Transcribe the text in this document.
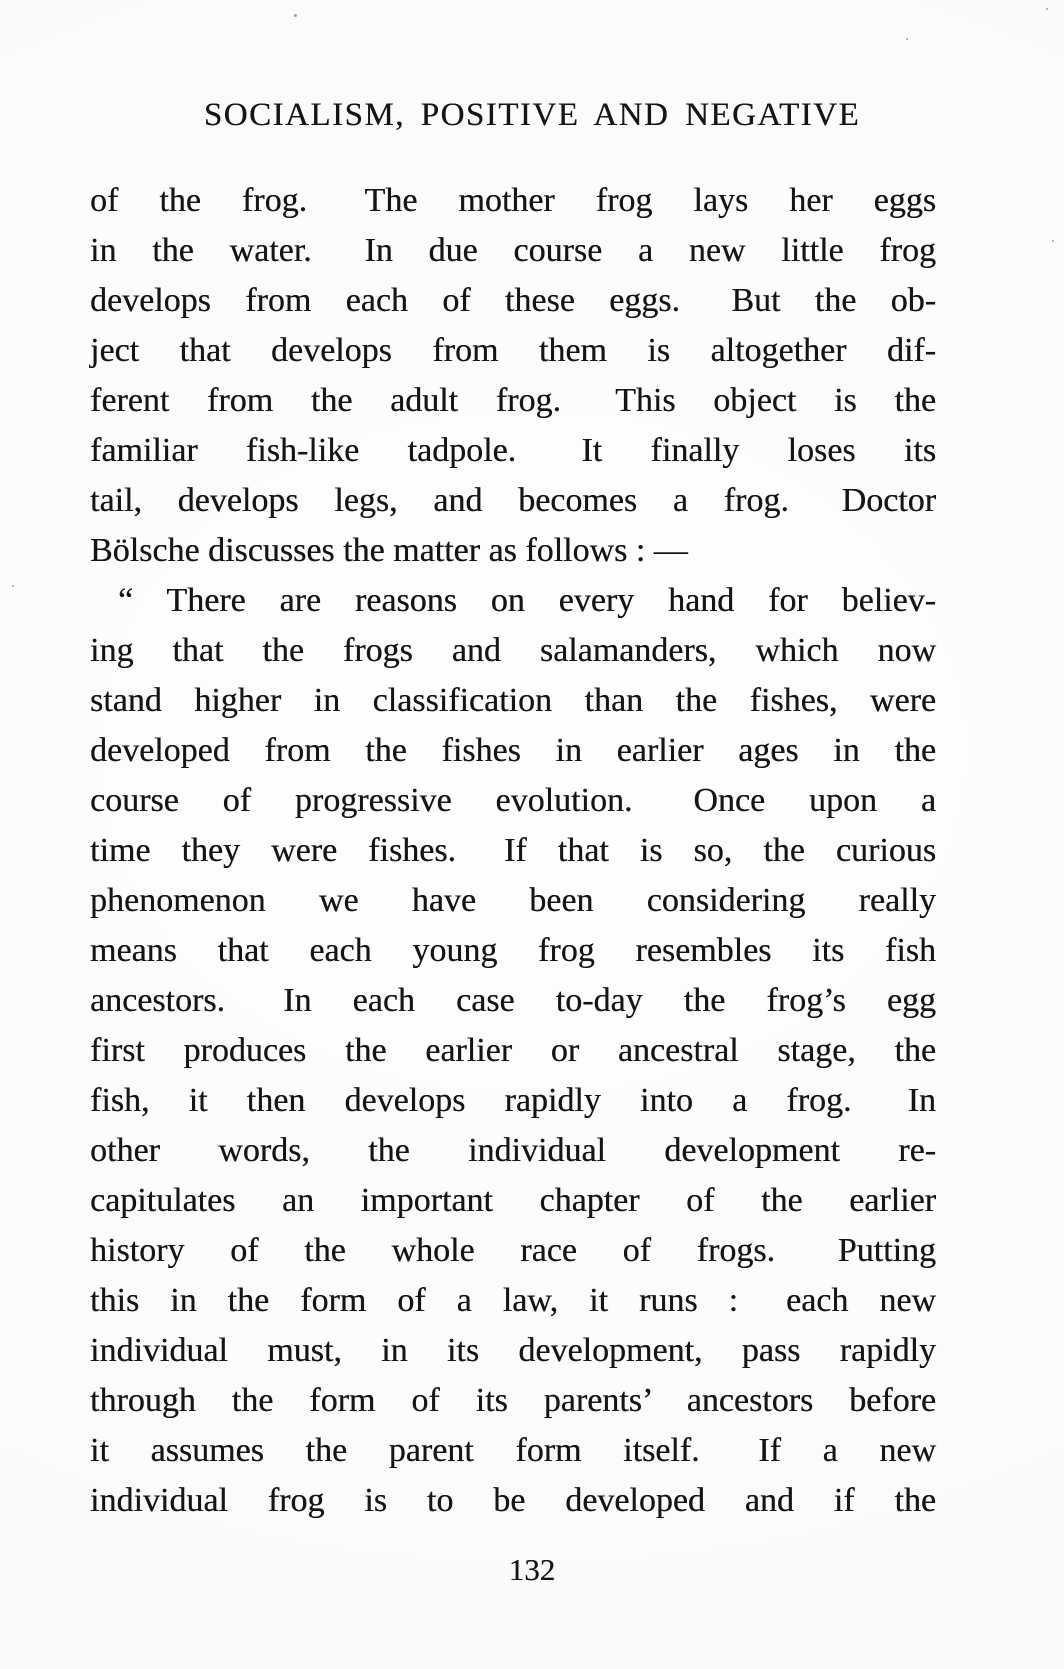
SOCIALISM, POSITIVE AND NEGATIVE
of the frog.  The mother frog lays her eggs
in the water.  In due course a new little frog
develops from each of these eggs.  But the ob-
ject that develops from them is altogether dif-
ferent from the adult frog.  This object is the
familiar fish-like tadpole.  It finally loses its
tail, develops legs, and becomes a frog.  Doctor
Bölsche discusses the matter as follows : —
“ There are reasons on every hand for believ-
ing that the frogs and salamanders, which now
stand higher in classification than the fishes, were
developed from the fishes in earlier ages in the
course of progressive evolution.  Once upon a
time they were fishes.  If that is so, the curious
phenomenon we have been considering really
means that each young frog resembles its fish
ancestors.  In each case to-day the frog’s egg
first produces the earlier or ancestral stage, the
fish, it then develops rapidly into a frog.  In
other words, the individual development re-
capitulates an important chapter of the earlier
history of the whole race of frogs.  Putting
this in the form of a law, it runs :  each new
individual must, in its development, pass rapidly
through the form of its parents’ ancestors before
it assumes the parent form itself.  If a new
individual frog is to be developed and if the
132
